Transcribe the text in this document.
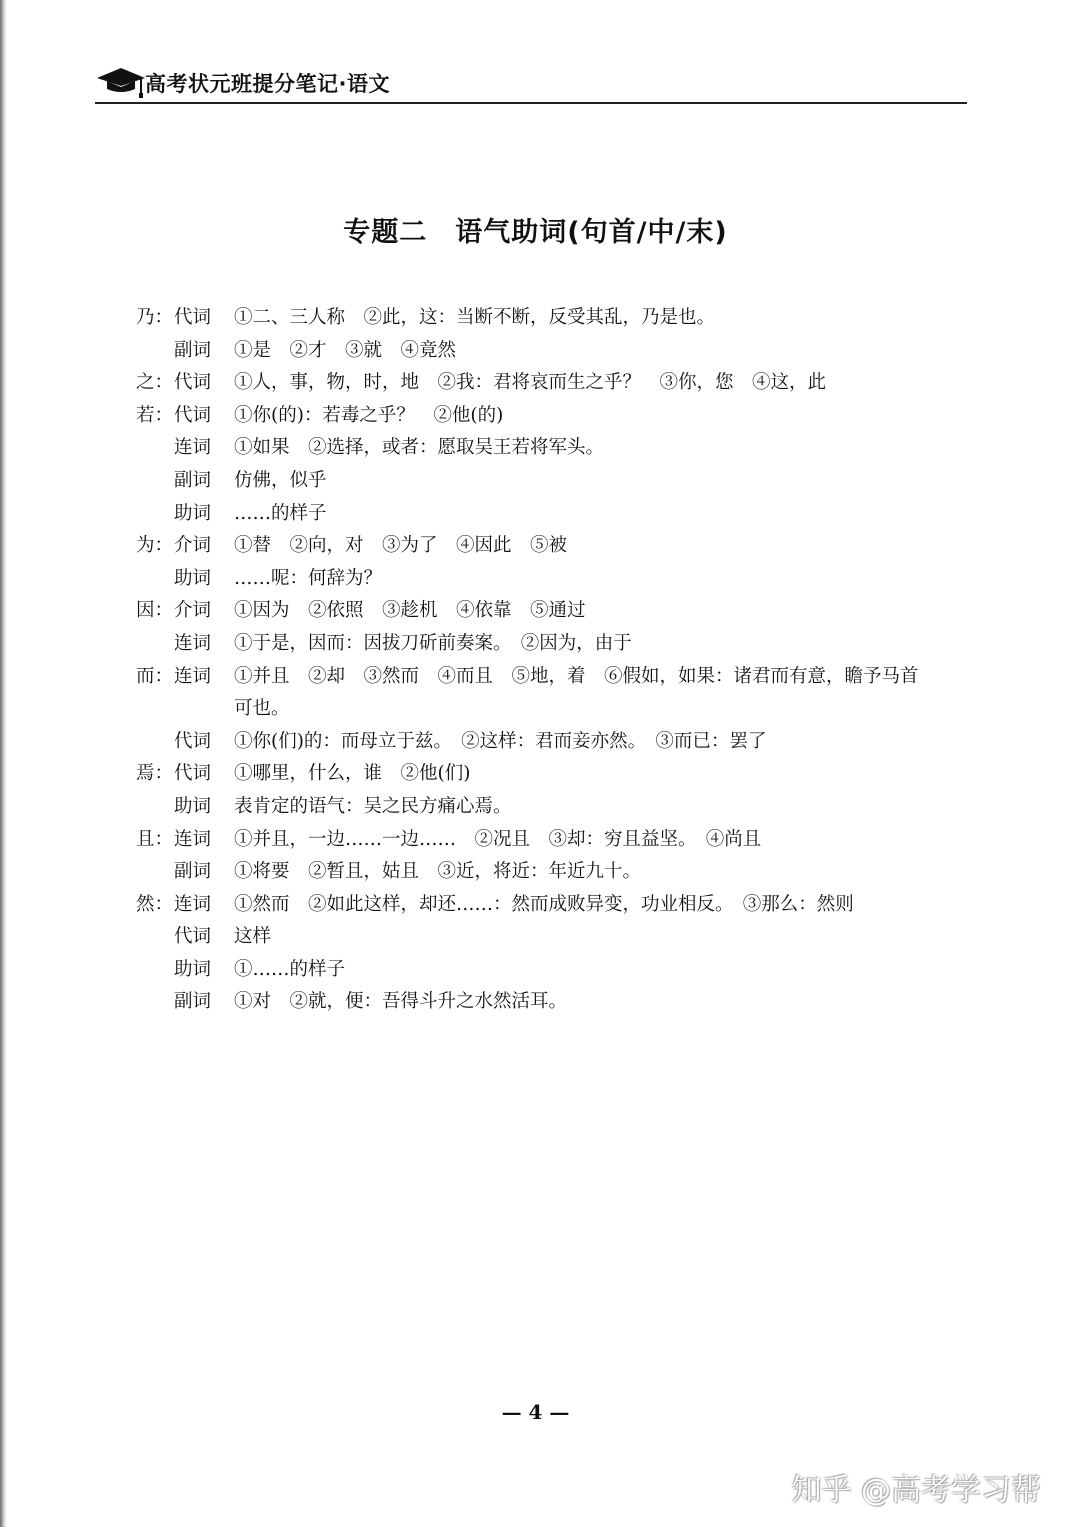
高考状元班提分笔记·语文

专题二　语气助词(句首/中/末)
乃： 代词	①二、三人称　②此，这：当断不断，反受其乱，乃是也。
副词	①是　②才　③就　④竟然
之： 代词	①人，事，物，时，地　②我：君将哀而生之乎？　③你，您　④这，此
若： 代词	①你(的)：若毒之乎？　②他(的)
连词	①如果　②选择，或者：愿取吴王若将军头。
副词	仿佛，似乎
助词	……的样子
为： 介词	①替　②向，对　③为了　④因此　⑤被
助词	……呢：何辞为？
因： 介词	①因为　②依照　③趁机　④依靠　⑤通过
连词	①于是，因而：因拔刀斫前奏案。　②因为，由于
而： 连词	①并且　②却　③然而　④而且　⑤地，着　⑥假如，如果：诸君而有意，瞻予马首
可也。
代词	①你(们)的：而母立于兹。　②这样：君而妾亦然。　③而已：罢了
焉： 代词	①哪里，什么，谁　②他(们)
助词	表肯定的语气：吴之民方痛心焉。
且： 连词	①并且，一边……一边……　②况且　③却：穷且益坚。　④尚且
副词	①将要　②暂且，姑且　③近，将近：年近九十。
然： 连词	①然而　②如此这样，却还……：然而成败异变，功业相反。　③那么：然则
代词	这样
助词	①……的样子
副词	①对　②就，便：吾得斗升之水然活耳。
— 4 —
知乎 @高考学习帮
